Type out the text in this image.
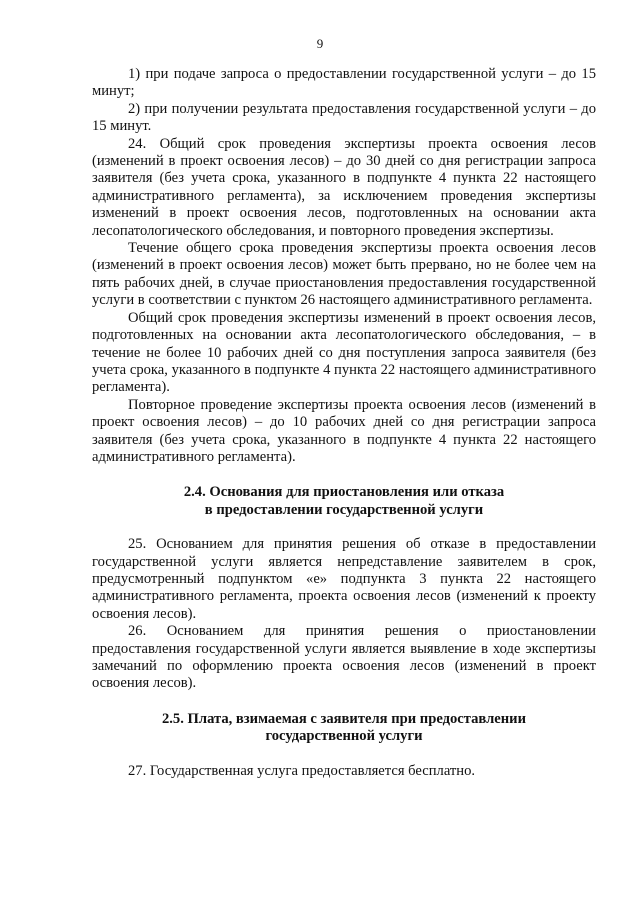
9

1) при подаче запроса о предоставлении государственной услуги – до 15 минут;

2) при получении результата предоставления государственной услуги – до 15 минут.

24. Общий срок проведения экспертизы проекта освоения лесов (изменений в проект освоения лесов) – до 30 дней со дня регистрации запроса заявителя (без учета срока, указанного в подпункте 4 пункта 22 настоящего административного регламента), за исключением проведения экспертизы изменений в проект освоения лесов, подготовленных на основании акта лесопатологического обследования, и повторного проведения экспертизы.

Течение общего срока проведения экспертизы проекта освоения лесов (изменений в проект освоения лесов) может быть прервано, но не более чем на пять рабочих дней, в случае приостановления предоставления государственной услуги в соответствии с пунктом 26 настоящего административного регламента.

Общий срок проведения экспертизы изменений в проект освоения лесов, подготовленных на основании акта лесопатологического обследования, – в течение не более 10 рабочих дней со дня поступления запроса заявителя (без учета срока, указанного в подпункте 4 пункта 22 настоящего административного регламента).

Повторное проведение экспертизы проекта освоения лесов (изменений в проект освоения лесов) – до 10 рабочих дней со дня регистрации запроса заявителя (без учета срока, указанного в подпункте 4 пункта 22 настоящего административного регламента).

2.4. Основания для приостановления или отказа

в предоставлении государственной услуги

25. Основанием для принятия решения об отказе в предоставлении государственной услуги является непредставление заявителем в срок, предусмотренный подпунктом «е» подпункта 3 пункта 22 настоящего административного регламента, проекта освоения лесов (изменений к проекту освоения лесов).

26. Основанием для принятия решения о приостановлении предоставления государственной услуги является выявление в ходе экспертизы замечаний по оформлению проекта освоения лесов (изменений в проект освоения лесов).

2.5. Плата, взимаемая с заявителя при предоставлении

государственной услуги

27. Государственная услуга предоставляется бесплатно.
